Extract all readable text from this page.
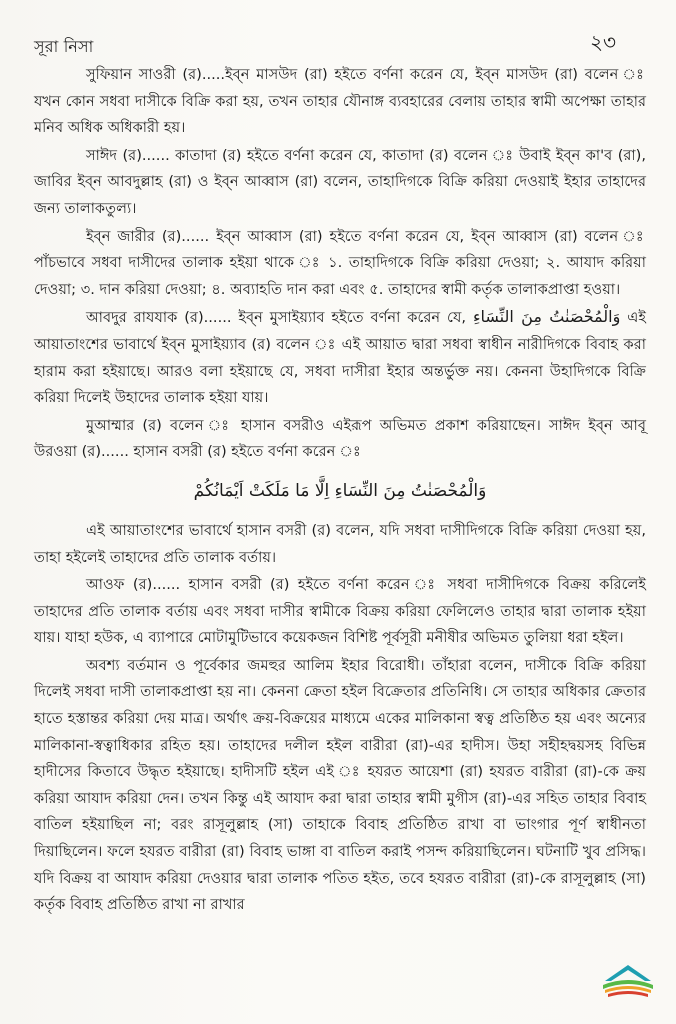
সূরা নিসা	২৩

সুফিয়ান সাওরী (র).....ইব্‌ন মাসউদ (রা) হইতে বর্ণনা করেন যে, ইব্‌ন মাসউদ (রা) বলেন ঃ যখন কোন সধবা দাসীকে বিক্রি করা হয়, তখন তাহার যৌনাঙ্গ ব্যবহারের বেলায় তাহার স্বামী অপেক্ষা তাহার মনিব অধিক অধিকারী হয়।

সাঈদ (র)...... কাতাদা (র) হইতে বর্ণনা করেন যে, কাতাদা (র) বলেন ঃ উবাই ইব্‌ন কা'ব (রা), জাবির ইব্‌ন আবদুল্লাহ (রা) ও ইব্‌ন আব্বাস (রা) বলেন, তাহাদিগকে বিক্রি করিয়া দেওয়াই ইহার তাহাদের জন্য তালাকতুল্য।

ইব্‌ন জারীর (র)...... ইব্‌ন আব্বাস (রা) হইতে বর্ণনা করেন যে, ইব্‌ন আব্বাস (রা) বলেন ঃ পাঁচভাবে সধবা দাসীদের তালাক হইয়া থাকে ঃ ১. তাহাদিগকে বিক্রি করিয়া দেওয়া; ২. আযাদ করিয়া দেওয়া; ৩. দান করিয়া দেওয়া; ৪. অব্যাহতি দান করা এবং ৫. তাহাদের স্বামী কর্তৃক তালাকপ্রাপ্তা হওয়া।

আবদুর রাযযাক (র)...... ইব্‌ন মুসাইয়্যাব হইতে বর্ণনা করেন যে, وَالْمُحْصَنٰتُ مِنَ النِّسَاءِ এই আয়াতাংশের ভাবার্থে ইব্‌ন মুসাইয়্যাব (র) বলেন ঃ এই আয়াত দ্বারা সধবা স্বাধীন নারীদিগকে বিবাহ করা হারাম করা হইয়াছে। আরও বলা হইয়াছে যে, সধবা দাসীরা ইহার অন্তর্ভুক্ত নয়। কেননা উহাদিগকে বিক্রি করিয়া দিলেই উহাদের তালাক হইয়া যায়।

মুআম্মার (র) বলেন ঃ হাসান বসরীও এইরূপ অভিমত প্রকাশ করিয়াছেন। সাঈদ ইব্‌ন আবূ উরওয়া (র)...... হাসান বসরী (র) হইতে বর্ণনা করেন ঃ

وَالْمُحْصَنٰتُ مِنَ النِّسَاءِ اِلَّا مَا مَلَكَتْ اَيْمَانُكُمْ

এই আয়াতাংশের ভাবার্থে হাসান বসরী (র) বলেন, যদি সধবা দাসীদিগকে বিক্রি করিয়া দেওয়া হয়, তাহা হইলেই তাহাদের প্রতি তালাক বর্তায়।

আওফ (র)...... হাসান বসরী (র) হইতে বর্ণনা করেন ঃ সধবা দাসীদিগকে বিক্রয় করিলেই তাহাদের প্রতি তালাক বর্তায় এবং সধবা দাসীর স্বামীকে বিক্রয় করিয়া ফেলিলেও তাহার দ্বারা তালাক হইয়া যায়। যাহা হউক, এ ব্যাপারে মোটামুটিভাবে কয়েকজন বিশিষ্ট পূর্বসূরী মনীষীর অভিমত তুলিয়া ধরা হইল।

অবশ্য বর্তমান ও পূর্বেকার জমহুর আলিম ইহার বিরোধী। তাঁহারা বলেন, দাসীকে বিক্রি করিয়া দিলেই সধবা দাসী তালাকপ্রাপ্তা হয় না। কেননা ক্রেতা হইল বিক্রেতার প্রতিনিধি। সে তাহার অধিকার ক্রেতার হাতে হস্তান্তর করিয়া দেয় মাত্র। অর্থাৎ ক্রয়-বিক্রয়ের মাধ্যমে একের মালিকানা স্বত্ব প্রতিষ্ঠিত হয় এবং অন্যের মালিকানা-স্বত্বাধিকার রহিত হয়। তাহাদের দলীল হইল বারীরা (রা)-এর হাদীস। উহা সহীহদ্বয়সহ বিভিন্ন হাদীসের কিতাবে উদ্ধৃত হইয়াছে। হাদীসটি হইল এই ঃ হযরত আয়েশা (রা) হযরত বারীরা (রা)-কে ক্রয় করিয়া আযাদ করিয়া দেন। তখন কিন্তু এই আযাদ করা দ্বারা তাহার স্বামী মুগীস (রা)-এর সহিত তাহার বিবাহ বাতিল হইয়াছিল না; বরং রাসূলুল্লাহ (সা) তাহাকে বিবাহ প্রতিষ্ঠিত রাখা বা ভাংগার পূর্ণ স্বাধীনতা দিয়াছিলেন। ফলে হযরত বারীরা (রা) বিবাহ ভাঙ্গা বা বাতিল করাই পসন্দ করিয়াছিলেন। ঘটনাটি খুব প্রসিদ্ধ। যদি বিক্রয় বা আযাদ করিয়া দেওয়ার দ্বারা তালাক পতিত হইত, তবে হযরত বারীরা (রা)-কে রাসূলুল্লাহ (সা) কর্তৃক বিবাহ প্রতিষ্ঠিত রাখা না রাখার
